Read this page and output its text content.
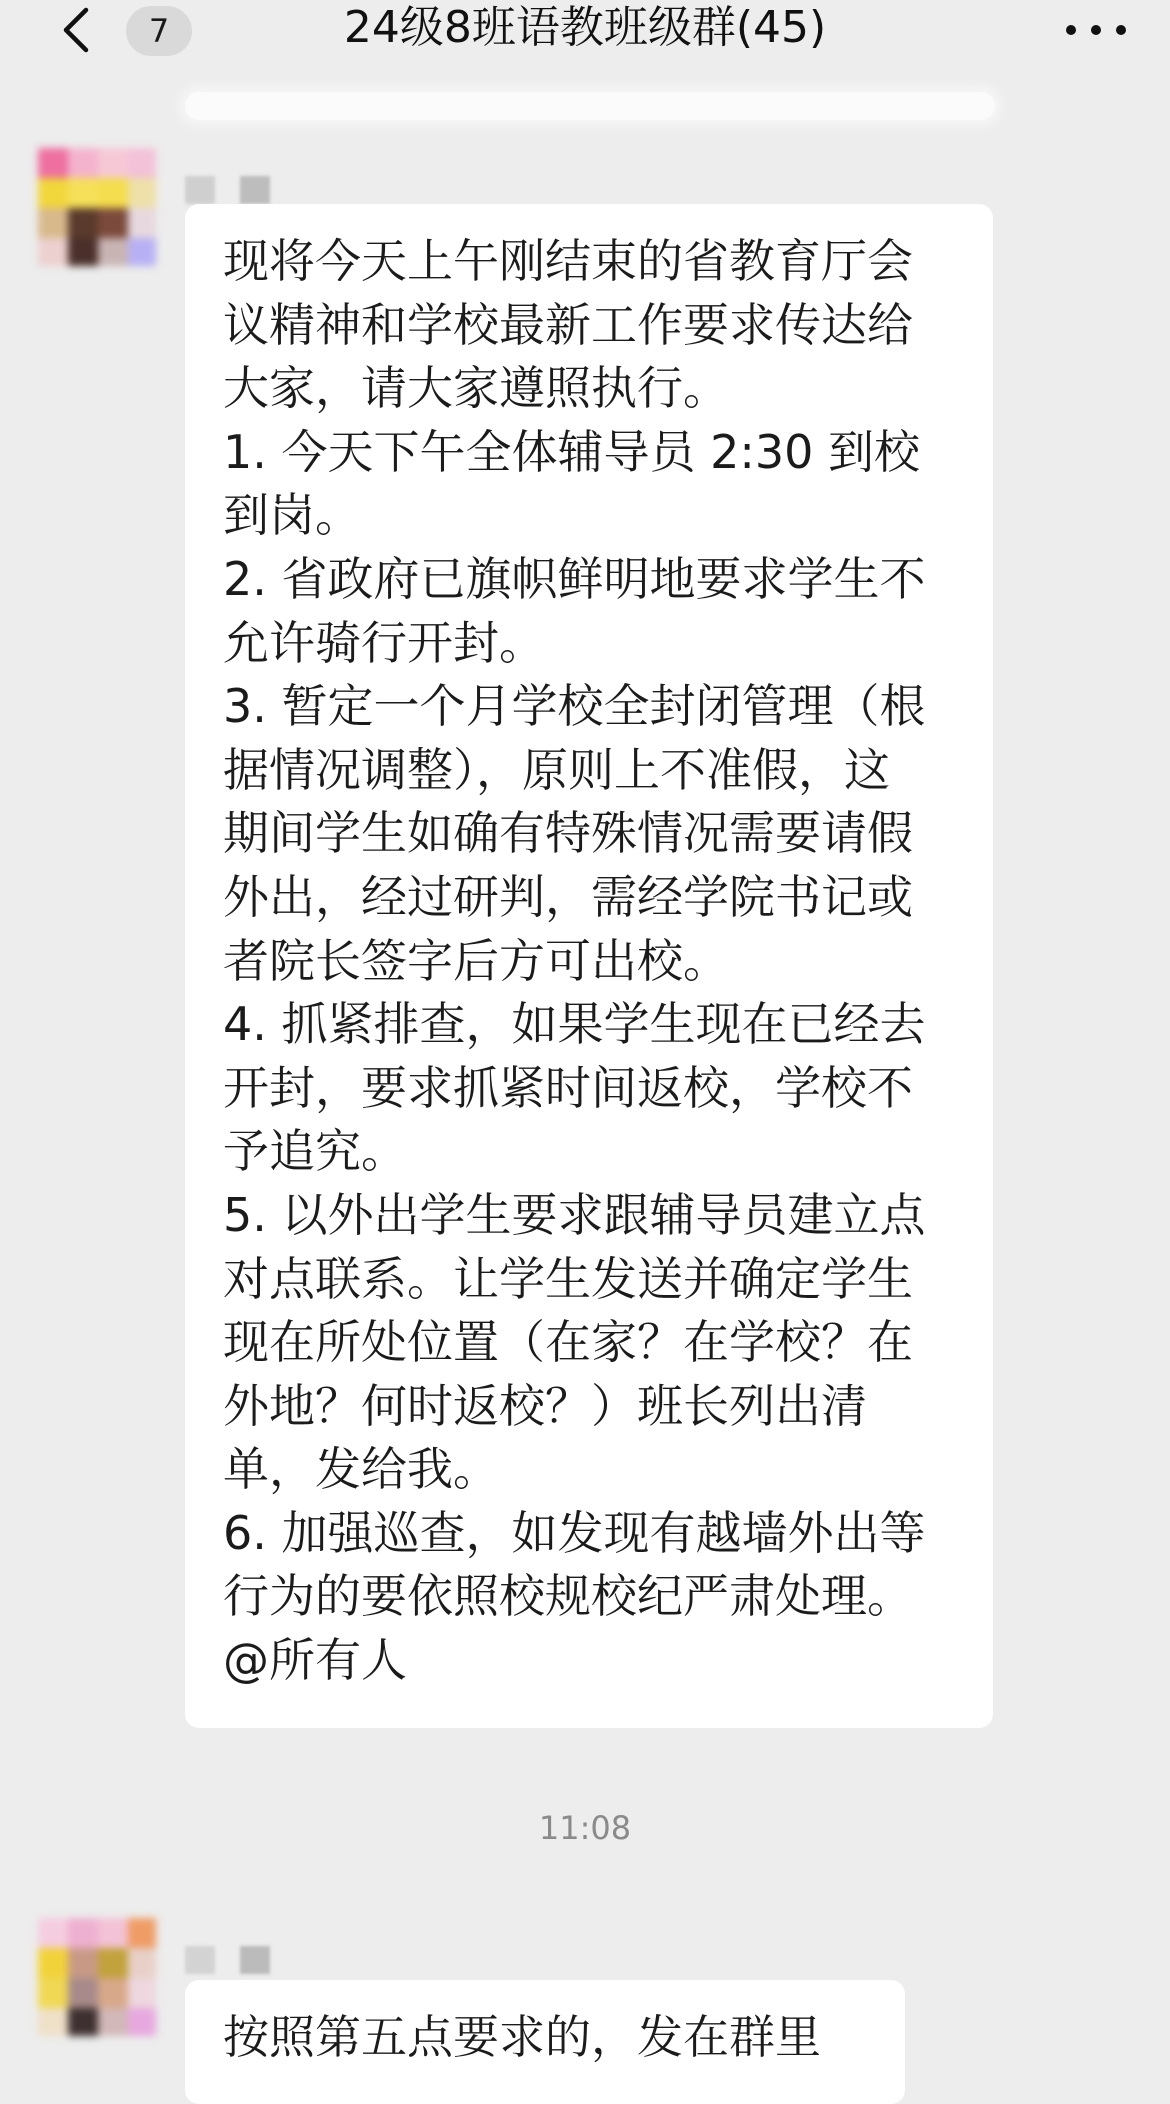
7	24级8班语教班级群(45)

现将今天上午刚结束的省教育厅会
议精神和学校最新工作要求传达给
大家，请大家遵照执行。
1. 今天下午全体辅导员 2:30 到校
到岗。
2. 省政府已旗帜鲜明地要求学生不
允许骑行开封。
3. 暂定一个月学校全封闭管理（根
据情况调整），原则上不准假，这
期间学生如确有特殊情况需要请假
外出，经过研判，需经学院书记或
者院长签字后方可出校。
4. 抓紧排查，如果学生现在已经去
开封，要求抓紧时间返校，学校不
予追究。
5. 以外出学生要求跟辅导员建立点
对点联系。让学生发送并确定学生
现在所处位置（在家？在学校？在
外地？何时返校？）班长列出清
单，发给我。
6. 加强巡查，如发现有越墙外出等
行为的要依照校规校纪严肃处理。
@所有人

11:08

按照第五点要求的，发在群里
